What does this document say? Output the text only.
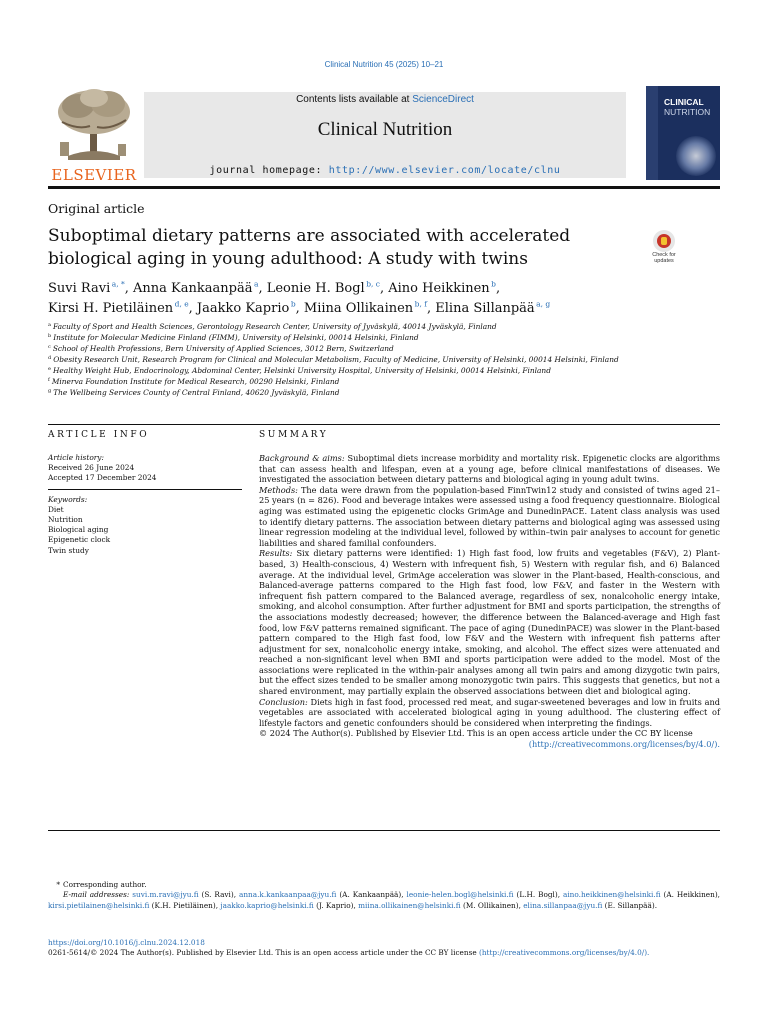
Clinical Nutrition 45 (2025) 10–21
ELSEVIER
Contents lists available at ScienceDirect
Clinical Nutrition
journal homepage: http://www.elsevier.com/locate/clnu
CLINICAL
NUTRITION
Original article
Suboptimal dietary patterns are associated with accelerated biological aging in young adulthood: A study with twins	Check for updates
Suvi Ravi $^{a, *}$, Anna Kankaanpää $^a$, Leonie H. Bogl $^{b, c}$, Aino Heikkinen $^b$,
Kirsi H. Pietiläinen $^{d, e}$, Jaakko Kaprio $^b$, Miina Ollikainen $^{b, f}$, Elina Sillanpää $^{a, g}$
$^a$ Faculty of Sport and Health Sciences, Gerontology Research Center, University of Jyväskylä, 40014 Jyväskylä, Finland
$^b$ Institute for Molecular Medicine Finland (FIMM), University of Helsinki, 00014 Helsinki, Finland
$^c$ School of Health Professions, Bern University of Applied Sciences, 3012 Bern, Switzerland
$^d$ Obesity Research Unit, Research Program for Clinical and Molecular Metabolism, Faculty of Medicine, University of Helsinki, 00014 Helsinki, Finland
$^e$ Healthy Weight Hub, Endocrinology, Abdominal Center, Helsinki University Hospital, University of Helsinki, 00014 Helsinki, Finland
$^f$ Minerva Foundation Institute for Medical Research, 00290 Helsinki, Finland
$^g$ The Wellbeing Services County of Central Finland, 40620 Jyväskylä, Finland
ARTICLE INFO	SUMMARY
Article history:
Received 26 June 2024
Accepted 17 December 2024
Keywords:
Diet
Nutrition
Biological aging
Epigenetic clock
Twin study

Background & aims: Suboptimal diets increase morbidity and mortality risk. Epigenetic clocks are algorithms that can assess health and lifespan, even at a young age, before clinical manifestations of diseases. We investigated the association between dietary patterns and biological aging in young adult twins.

Methods: The data were drawn from the population-based FinnTwin12 study and consisted of twins aged 21–25 years (n = 826). Food and beverage intakes were assessed using a food frequency questionnaire. Biological aging was estimated using the epigenetic clocks GrimAge and DunedinPACE. Latent class analysis was used to identify dietary patterns. The association between dietary patterns and biological aging was assessed using linear regression modeling at the individual level, followed by within–twin pair analyses to account for genetic liabilities and shared familial confounders.

Results: Six dietary patterns were identified: 1) High fast food, low fruits and vegetables (F&V), 2) Plant-based, 3) Health-conscious, 4) Western with infrequent fish, 5) Western with regular fish, and 6) Balanced average. At the individual level, GrimAge acceleration was slower in the Plant-based, Health-conscious, and Balanced-average patterns compared to the High fast food, low F&V, and faster in the Western with infrequent fish pattern compared to the Balanced average, regardless of sex, nonalcoholic energy intake, smoking, and alcohol consumption. After further adjustment for BMI and sports participation, the strengths of the associations modestly decreased; however, the difference between the Balanced-average and High fast food, low F&V patterns remained significant. The pace of aging (DunedinPACE) was slower in the Plant-based pattern compared to the High fast food, low F&V and the Western with infrequent fish patterns after adjustment for sex, nonalcoholic energy intake, smoking, and alcohol. The effect sizes were attenuated and reached a non-significant level when BMI and sports participation were added to the model. Most of the associations were replicated in the within-pair analyses among all twin pairs and among dizygotic twin pairs, but the effect sizes tended to be smaller among monozygotic twin pairs. This suggests that genetics, but not a shared environment, may partially explain the observed associations between diet and biological aging.

Conclusion: Diets high in fast food, processed red meat, and sugar-sweetened beverages and low in fruits and vegetables are associated with accelerated biological aging in young adulthood. The clustering effect of lifestyle factors and genetic confounders should be considered when interpreting the findings.

© 2024 The Author(s). Published by Elsevier Ltd. This is an open access article under the CC BY license

(http://creativecommons.org/licenses/by/4.0/).

* Corresponding author.
E-mail addresses: suvi.m.ravi@jyu.fi (S. Ravi), anna.k.kankaanpaa@jyu.fi (A. Kankaanpää), leonie-helen.bogl@helsinki.fi (L.H. Bogl), aino.heikkinen@helsinki.fi (A. Heikkinen), kirsi.pietilainen@helsinki.fi (K.H. Pietiläinen), jaakko.kaprio@helsinki.fi (J. Kaprio), miina.ollikainen@helsinki.fi (M. Ollikainen), elina.sillanpaa@jyu.fi (E. Sillanpää).
https://doi.org/10.1016/j.clnu.2024.12.018
0261-5614/© 2024 The Author(s). Published by Elsevier Ltd. This is an open access article under the CC BY license (http://creativecommons.org/licenses/by/4.0/).
